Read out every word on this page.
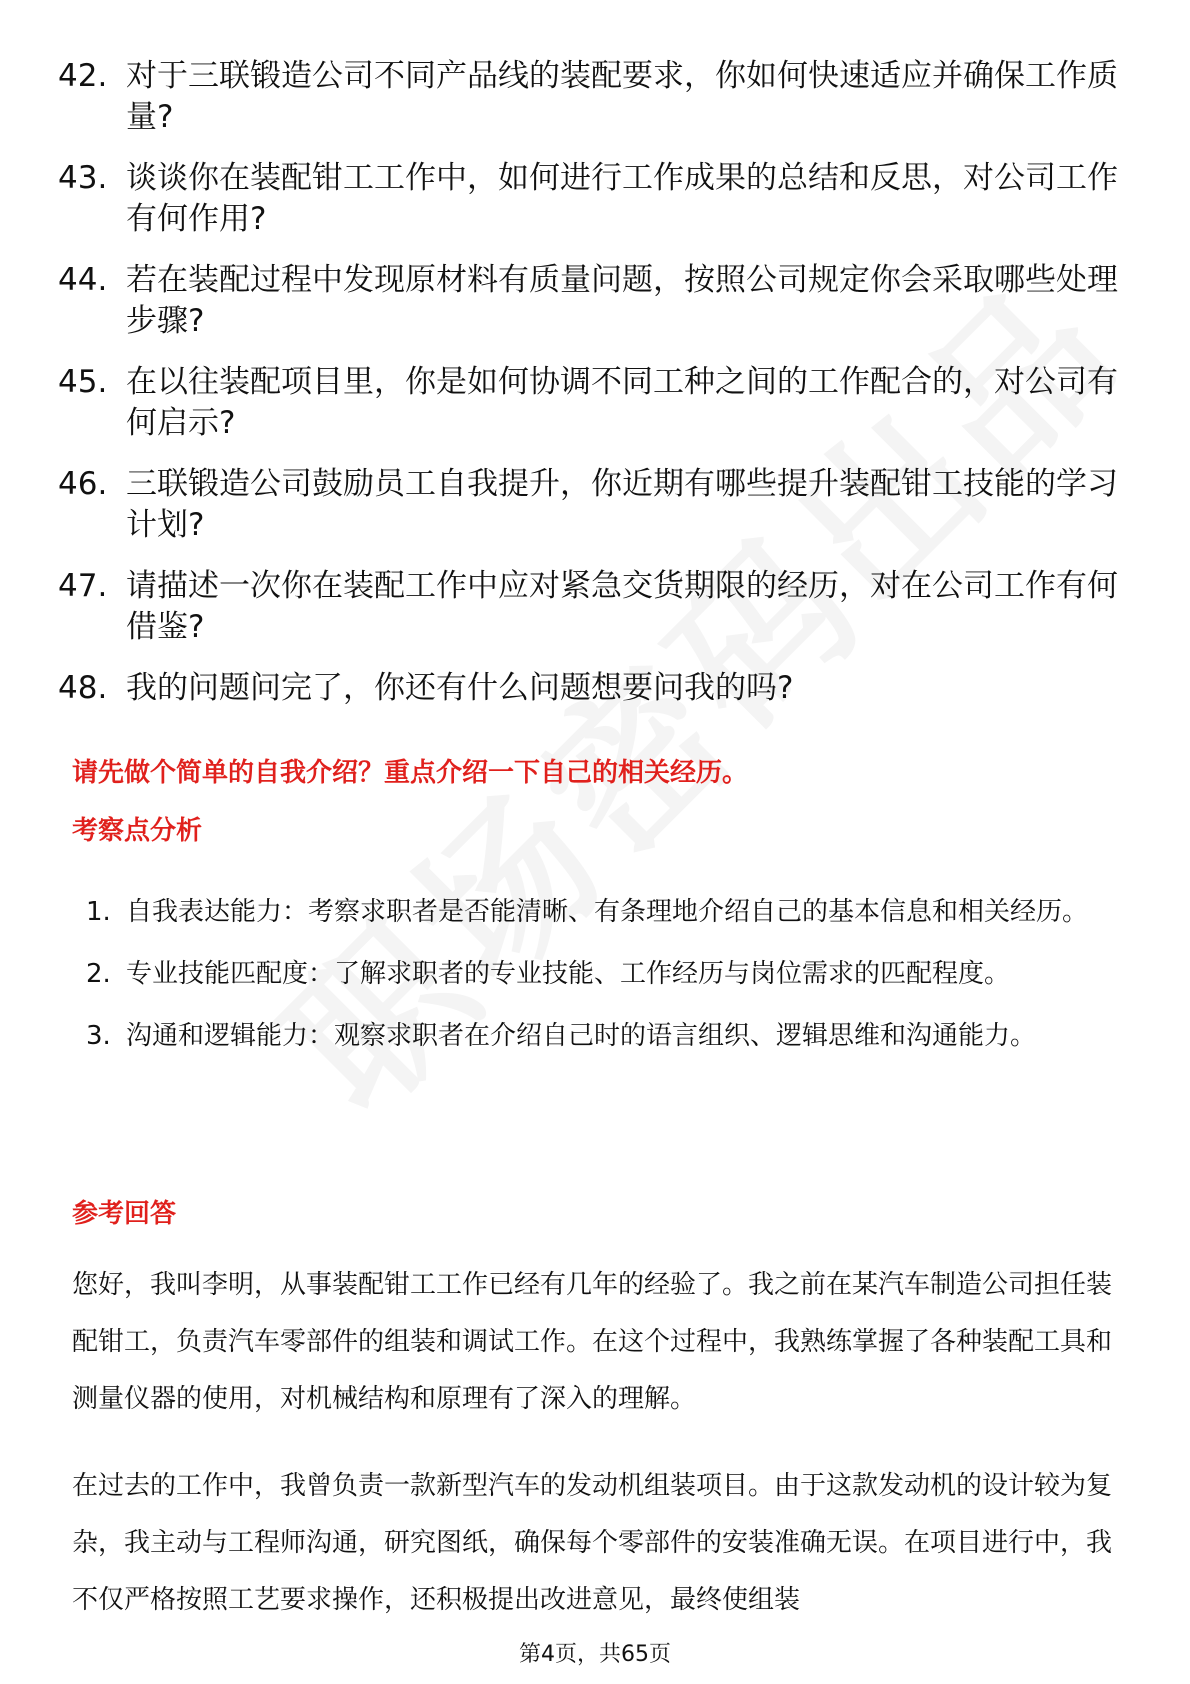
42. 对于三联锻造公司不同产品线的装配要求，你如何快速适应并确保工作质量?
43. 谈谈你在装配钳工工作中，如何进行工作成果的总结和反思，对公司工作有何作用?
44. 若在装配过程中发现原材料有质量问题，按照公司规定你会采取哪些处理步骤?
45. 在以往装配项目里，你是如何协调不同工种之间的工作配合的，对公司有何启示?
46. 三联锻造公司鼓励员工自我提升，你近期有哪些提升装配钳工技能的学习计划?
47. 请描述一次你在装配工作中应对紧急交货期限的经历，对在公司工作有何借鉴?
48. 我的问题问完了，你还有什么问题想要问我的吗?
请先做个简单的自我介绍？重点介绍一下自己的相关经历。
考察点分析
1. 自我表达能力：考察求职者是否能清晰、有条理地介绍自己的基本信息和相关经历。
2. 专业技能匹配度：了解求职者的专业技能、工作经历与岗位需求的匹配程度。
3. 沟通和逻辑能力：观察求职者在介绍自己时的语言组织、逻辑思维和沟通能力。
参考回答

您好，我叫李明，从事装配钳工工作已经有几年的经验了。我之前在某汽车制造公司担任装配钳工，负责汽车零部件的组装和调试工作。在这个过程中，我熟练掌握了各种装配工具和测量仪器的使用，对机械结构和原理有了深入的理解。

在过去的工作中，我曾负责一款新型汽车的发动机组装项目。由于这款发动机的设计较为复杂，我主动与工程师沟通，研究图纸，确保每个零部件的安装准确无误。在项目进行中，我不仅严格按照工艺要求操作，还积极提出改进意见，最终使组装

第4页，共65页
